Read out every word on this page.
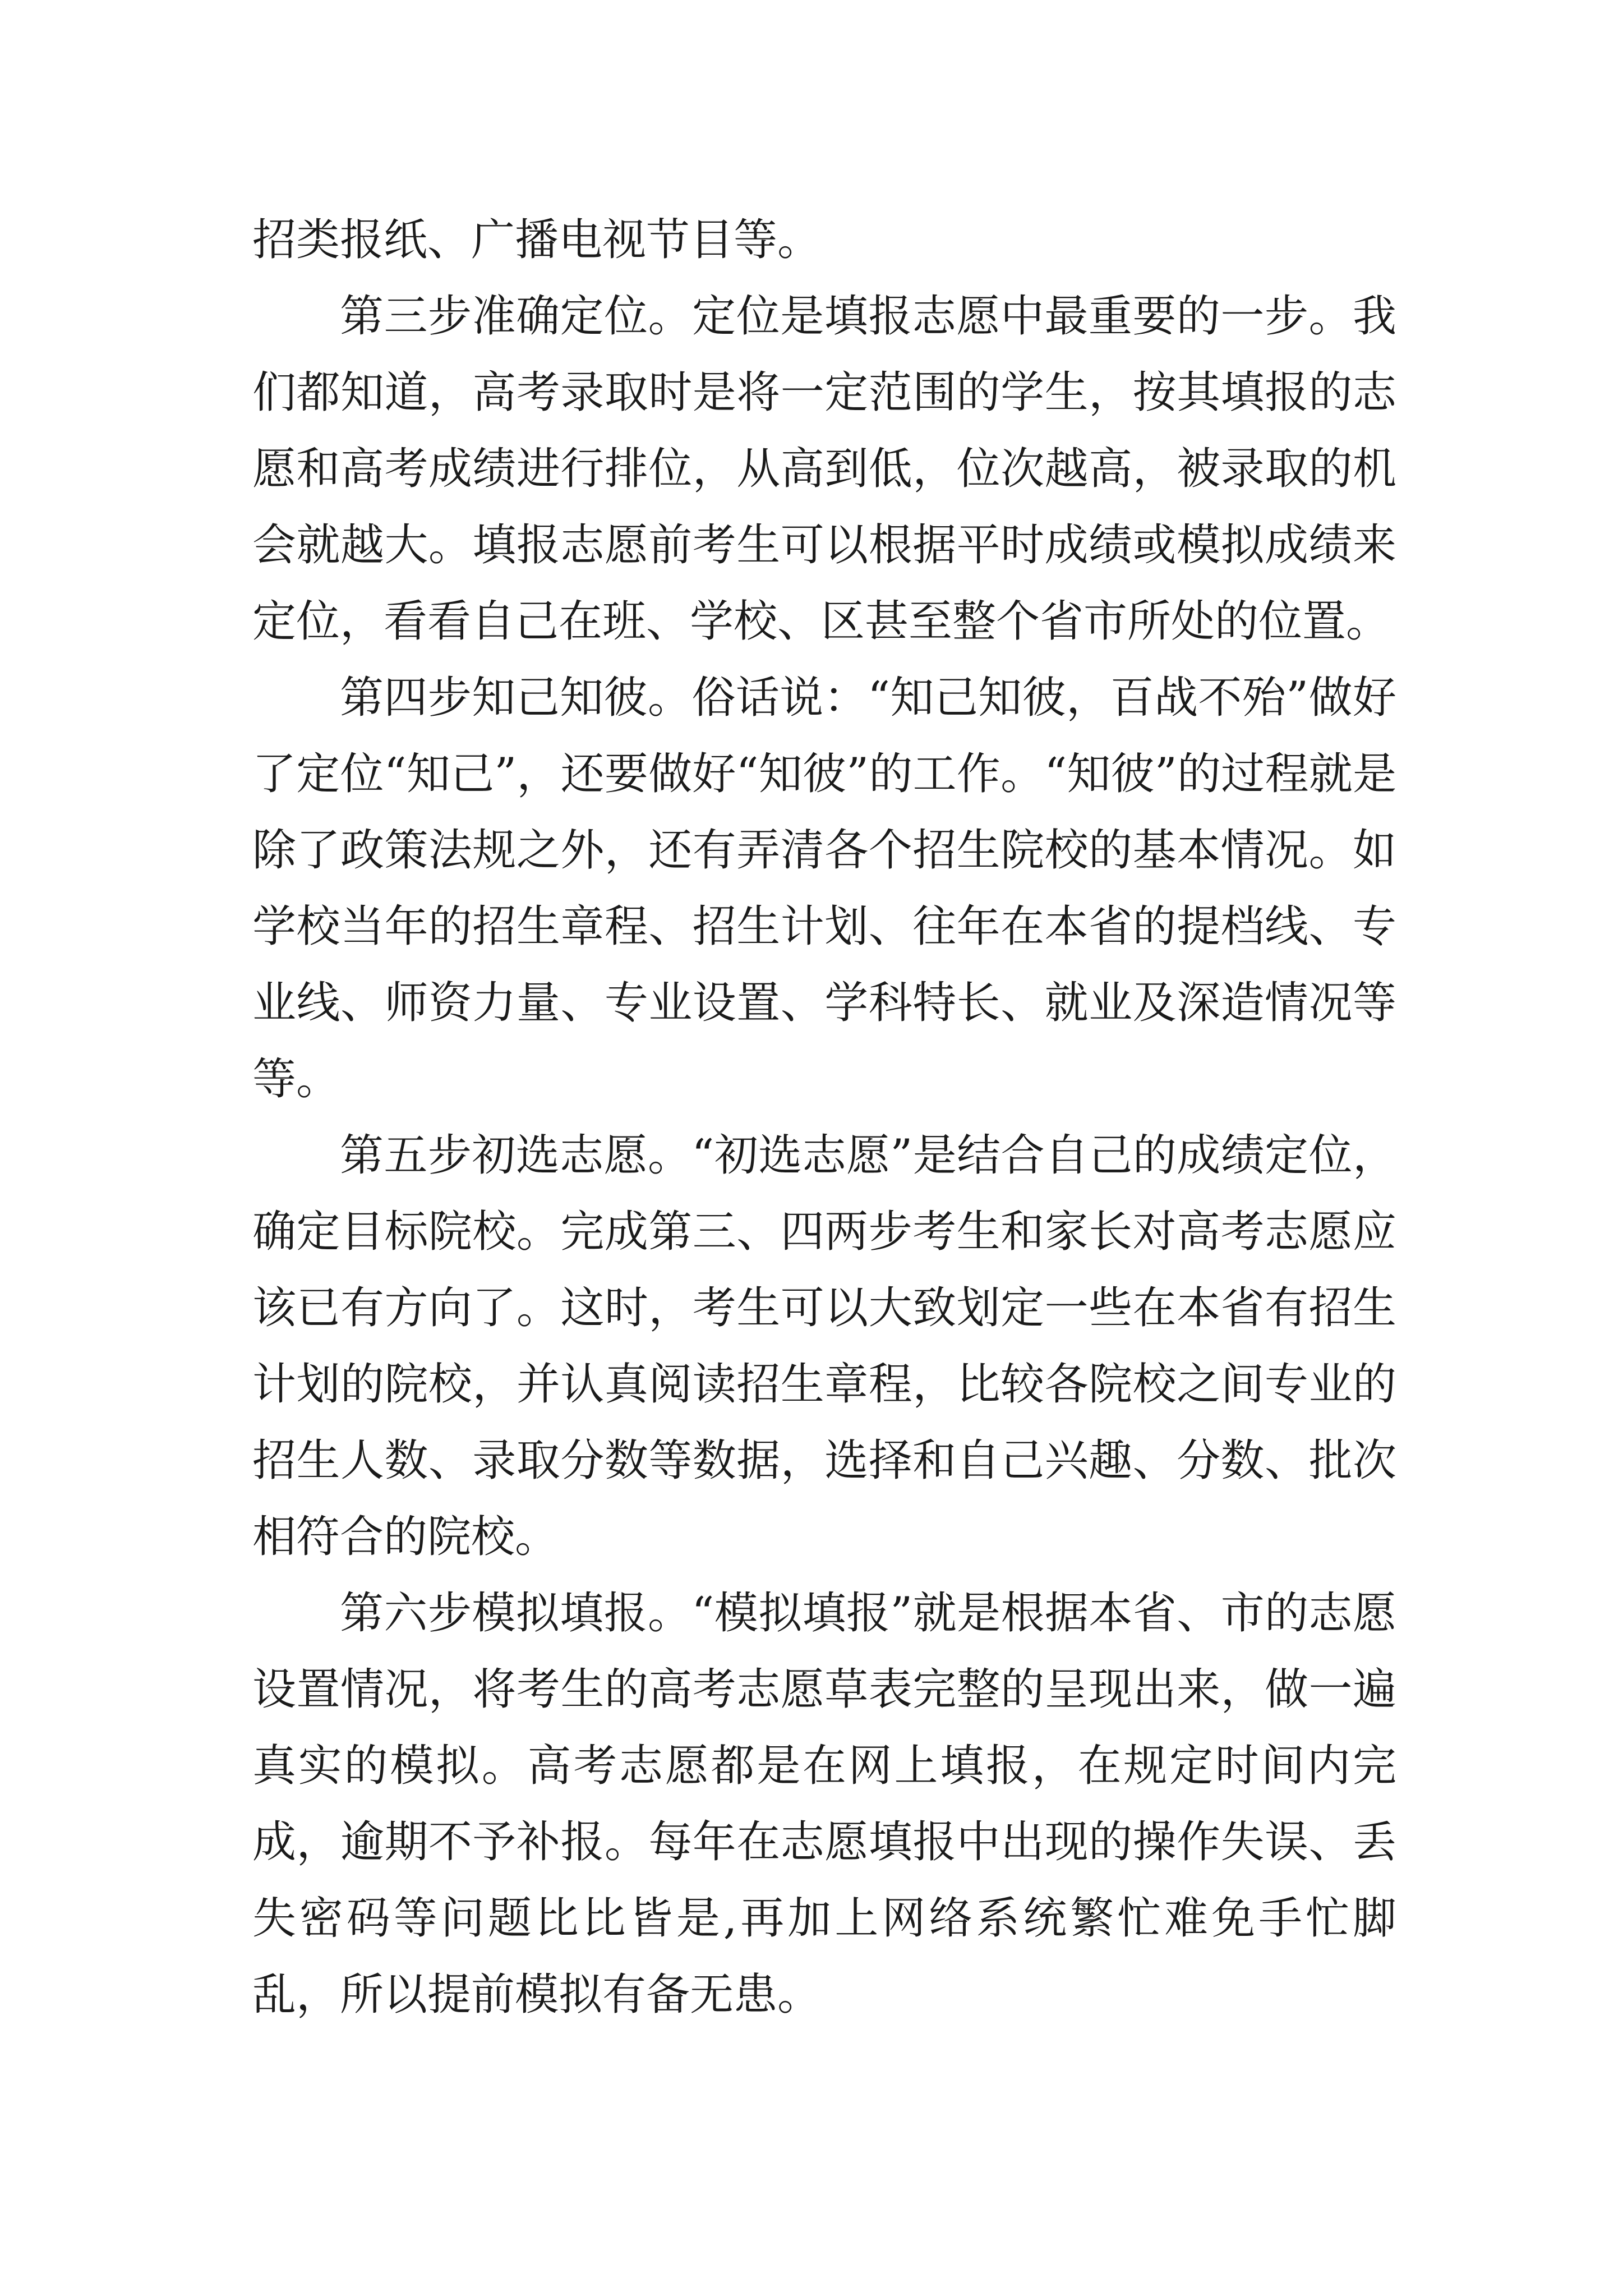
招类报纸、广播电视节目等。

第三步准确定位。定位是填报志愿中最重要的一步。我们都知道，高考录取时是将一定范围的学生，按其填报的志愿和高考成绩进行排位，从高到低，位次越高，被录取的机会就越大。填报志愿前考生可以根据平时成绩或模拟成绩来定位，看看自己在班、学校、区甚至整个省市所处的位置。

第四步知己知彼。俗话说：“知己知彼，百战不殆”做好了定位“知己”，还要做好“知彼”的工作。“知彼”的过程就是除了政策法规之外，还有弄清各个招生院校的基本情况。如学校当年的招生章程、招生计划、往年在本省的提档线、专业线、师资力量、专业设置、学科特长、就业及深造情况等等。

第五步初选志愿。“初选志愿”是结合自己的成绩定位，确定目标院校。完成第三、四两步考生和家长对高考志愿应该已有方向了。这时，考生可以大致划定一些在本省有招生计划的院校，并认真阅读招生章程，比较各院校之间专业的招生人数、录取分数等数据，选择和自己兴趣、分数、批次相符合的院校。

第六步模拟填报。“模拟填报”就是根据本省、市的志愿设置情况，将考生的高考志愿草表完整的呈现出来，做一遍真实的模拟。高考志愿都是在网上填报，在规定时间内完成，逾期不予补报。每年在志愿填报中出现的操作失误、丢失密码等问题比比皆是,再加上网络系统繁忙难免手忙脚乱，所以提前模拟有备无患。
